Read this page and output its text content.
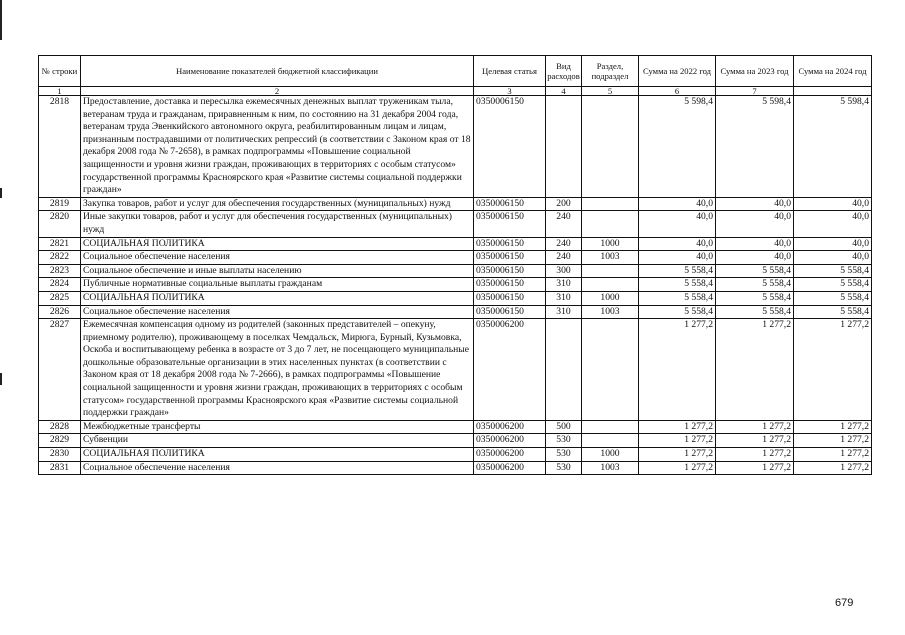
№ строки	Наименование показателей бюджетной классификации	Целевая статья	Вид расходов	Раздел, подраздел	Сумма на 2022 год	Сумма на 2023 год	Сумма на 2024 год
1	2	3	4	5	6	7	
2818	Предоставление, доставка и пересылка ежемесячных денежных выплат труженикам тыла, ветеранам труда и гражданам, приравненным к ним, по состоянию на 31 декабря 2004 года, ветеранам труда Эвенкийского автономного округа, реабилитированным лицам и лицам, признанным пострадавшими от политических репрессий (в соответствии с Законом края от 18 декабря 2008 года № 7-2658), в рамках подпрограммы «Повышение социальной защищенности и уровня жизни граждан, проживающих в территориях с особым статусом» государственной программы Красноярского края «Развитие системы социальной поддержки граждан»	0350006150			5 598,4	5 598,4	5 598,4
2819	Закупка товаров, работ и услуг для обеспечения государственных (муниципальных) нужд	0350006150	200		40,0	40,0	40,0
2820	Иные закупки товаров, работ и услуг для обеспечения государственных (муниципальных) нужд	0350006150	240		40,0	40,0	40,0
2821	СОЦИАЛЬНАЯ ПОЛИТИКА	0350006150	240	1000	40,0	40,0	40,0
2822	Социальное обеспечение населения	0350006150	240	1003	40,0	40,0	40,0
2823	Социальное обеспечение и иные выплаты населению	0350006150	300		5 558,4	5 558,4	5 558,4
2824	Публичные нормативные социальные выплаты гражданам	0350006150	310		5 558,4	5 558,4	5 558,4
2825	СОЦИАЛЬНАЯ ПОЛИТИКА	0350006150	310	1000	5 558,4	5 558,4	5 558,4
2826	Социальное обеспечение населения	0350006150	310	1003	5 558,4	5 558,4	5 558,4
2827	Ежемесячная компенсация одному из родителей (законных представителей – опекуну, приемному родителю), проживающему в поселках Чемдальск, Мирюга, Бурный, Кузьмовка, Оскоба и воспитывающему ребенка в возрасте от 3 до 7 лет, не посещающего муниципальные дошкольные образовательные организации в этих населенных пунктах (в соответствии с Законом края от 18 декабря 2008 года № 7-2666), в рамках подпрограммы «Повышение социальной защищенности и уровня жизни граждан, проживающих в территориях с особым статусом» государственной программы Красноярского края «Развитие системы социальной поддержки граждан»	0350006200			1 277,2	1 277,2	1 277,2
2828	Межбюджетные трансферты	0350006200	500		1 277,2	1 277,2	1 277,2
2829	Субвенции	0350006200	530		1 277,2	1 277,2	1 277,2
2830	СОЦИАЛЬНАЯ ПОЛИТИКА	0350006200	530	1000	1 277,2	1 277,2	1 277,2
2831	Социальное обеспечение населения	0350006200	530	1003	1 277,2	1 277,2	1 277,2
679
